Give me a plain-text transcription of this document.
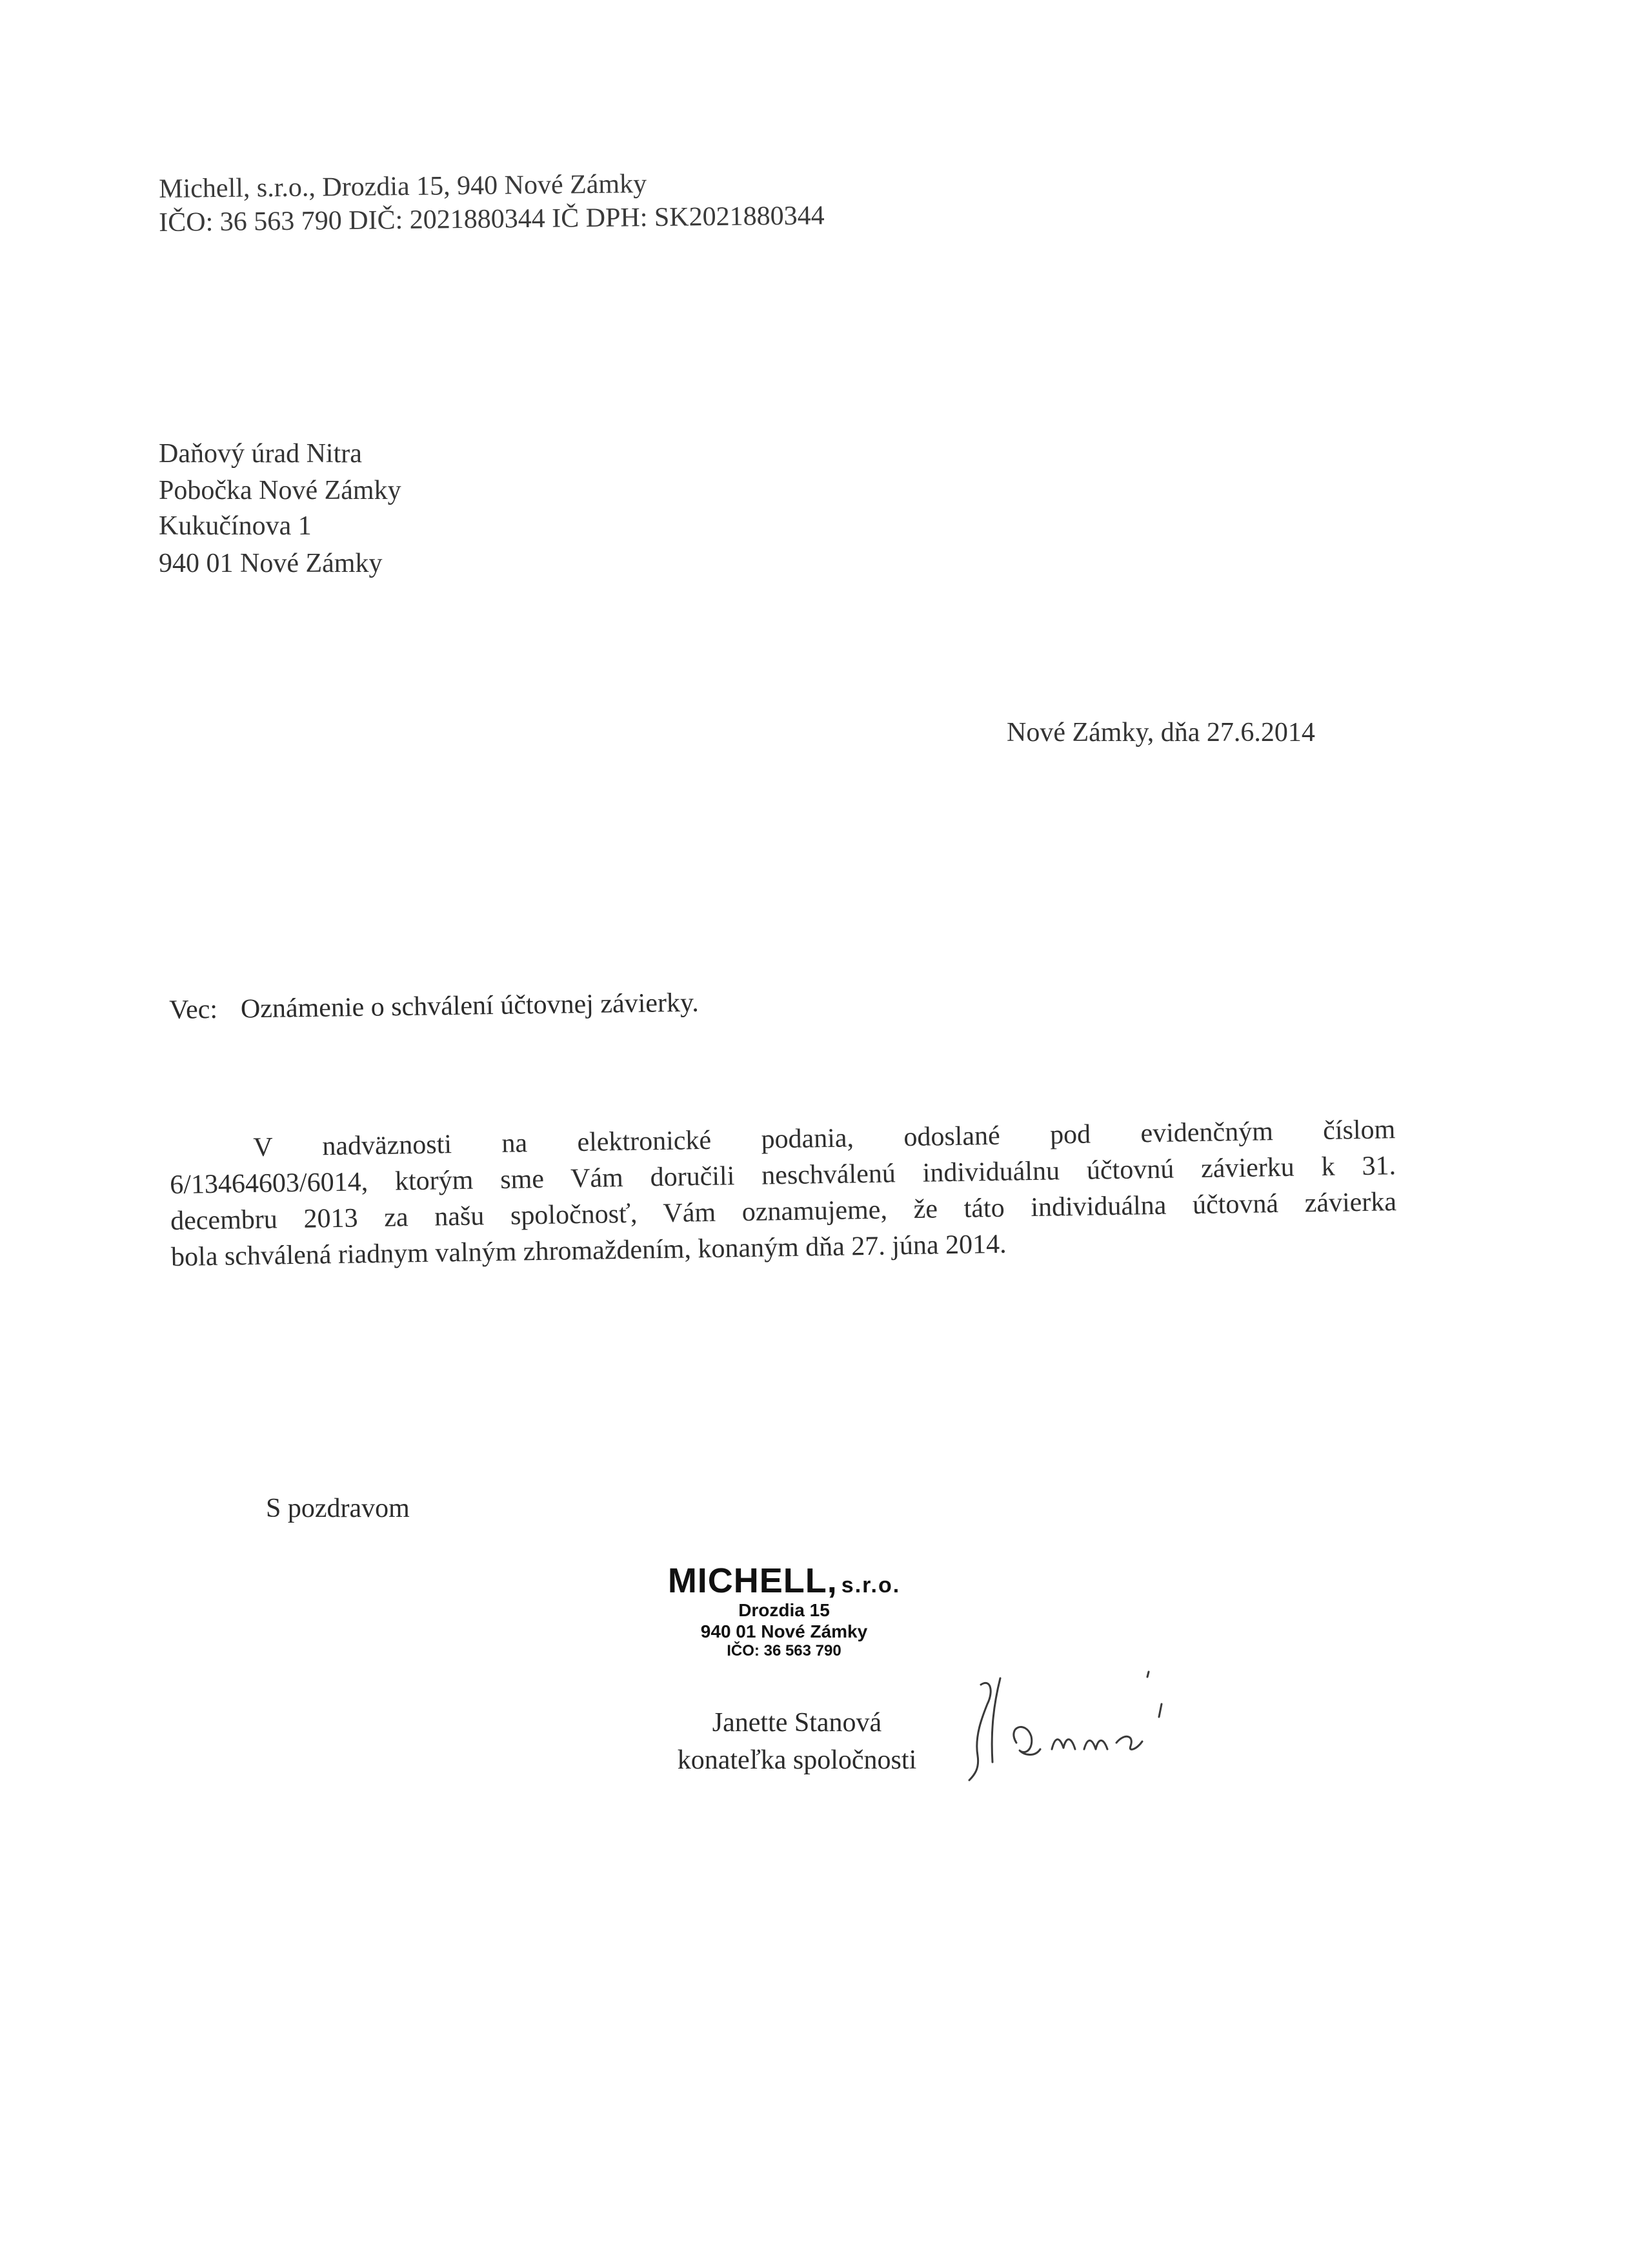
Michell, s.r.o., Drozdia 15, 940 Nové Zámky
IČO: 36 563 790 DIČ: 2021880344 IČ DPH: SK2021880344
Daňový úrad Nitra
Pobočka Nové Zámky
Kukučínova 1
940 01 Nové Zámky
Nové Zámky, dňa 27.6.2014
Vec: Oznámenie o schválení účtovnej závierky.
V nadväznosti na elektronické podania, odoslané pod evidenčným číslom
6/13464603/6014, ktorým sme Vám doručili neschválenú individuálnu účtovnú závierku k 31.
decembru 2013 za našu spoločnosť, Vám oznamujeme, že táto individuálna účtovná závierka
bola schválená riadnym valným zhromaždením, konaným dňa 27. júna 2014.
S pozdravom
MICHELL, s.r.o.
Drozdia 15
940 01 Nové Zámky
IČO: 36 563 790
Janette Stanová
konateľka spoločnosti
